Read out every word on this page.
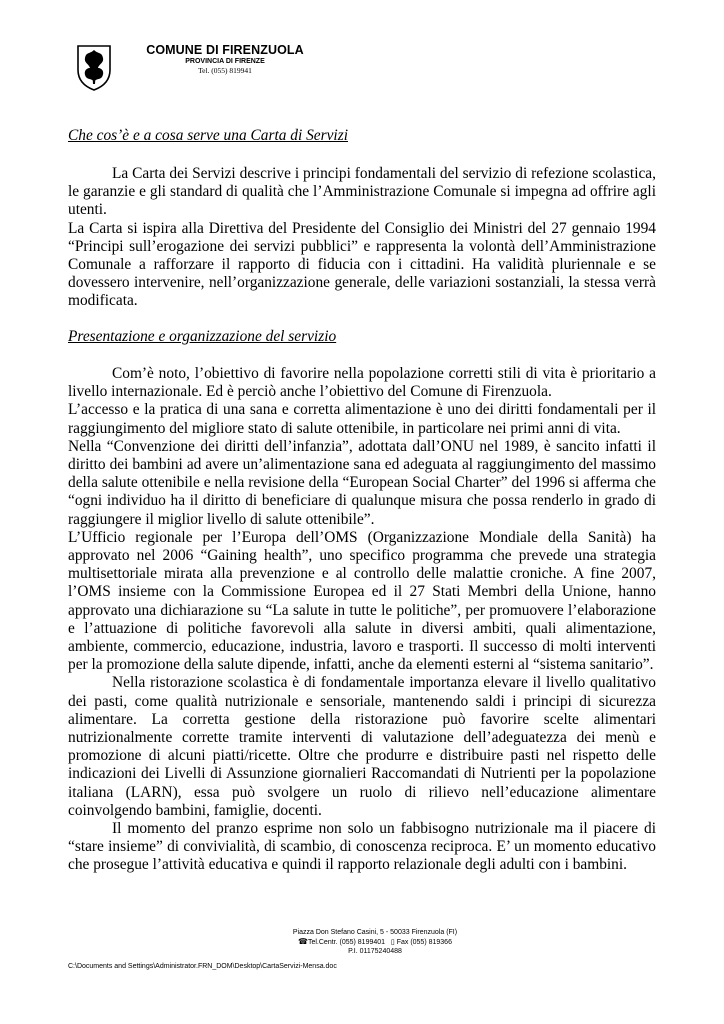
COMUNE DI FIRENZUOLA
PROVINCIA DI FIRENZE
Tel. (055) 819941
Che cos’è e a cosa serve una Carta di Servizi

La Carta dei Servizi descrive i principi fondamentali del servizio di refezione scolastica, le garanzie e gli standard di qualità che l’Amministrazione Comunale si impegna ad offrire agli utenti.

La Carta si ispira alla Direttiva del Presidente del Consiglio dei Ministri del 27 gennaio 1994 “Principi sull’erogazione dei servizi pubblici” e rappresenta la volontà dell’Amministrazione Comunale a rafforzare il rapporto di fiducia con i cittadini. Ha validità pluriennale e se dovessero intervenire, nell’organizzazione generale, delle variazioni sostanziali, la stessa verrà modificata.

Presentazione e organizzazione del servizio

Com’è noto, l’obiettivo di favorire nella popolazione corretti stili di vita è prioritario a livello internazionale. Ed è perciò anche l’obiettivo del Comune di Firenzuola.

L’accesso e la pratica di una sana e corretta alimentazione è uno dei diritti fondamentali per il raggiungimento del migliore stato di salute ottenibile, in particolare nei primi anni di vita.

Nella “Convenzione dei diritti dell’infanzia”, adottata dall’ONU nel 1989, è sancito infatti il diritto dei bambini ad avere un’alimentazione sana ed adeguata al raggiungimento del massimo della salute ottenibile e nella revisione della “European Social Charter” del 1996 si afferma che “ogni individuo ha il diritto di beneficiare di qualunque misura che possa renderlo in grado di raggiungere il miglior livello di salute ottenibile”.

L’Ufficio regionale per l’Europa dell’OMS (Organizzazione Mondiale della Sanità) ha approvato nel 2006 “Gaining health”, uno specifico programma che prevede una strategia multisettoriale mirata alla prevenzione e al controllo delle malattie croniche. A fine 2007, l’OMS insieme con la Commissione Europea ed il 27 Stati Membri della Unione, hanno approvato una dichiarazione su “La salute in tutte le politiche”, per promuovere l’elaborazione e l’attuazione di politiche favorevoli alla salute in diversi ambiti, quali alimentazione, ambiente, commercio, educazione, industria, lavoro e trasporti. Il successo di molti interventi per la promozione della salute dipende, infatti, anche da elementi esterni al “sistema sanitario”.

Nella ristorazione scolastica è di fondamentale importanza elevare il livello qualitativo dei pasti, come qualità nutrizionale e sensoriale, mantenendo saldi i principi di sicurezza alimentare. La corretta gestione della ristorazione può favorire scelte alimentari nutrizionalmente corrette tramite interventi di valutazione dell’adeguatezza dei menù e promozione di alcuni piatti/ricette. Oltre che produrre e distribuire pasti nel rispetto delle indicazioni dei Livelli di Assunzione giornalieri Raccomandati di Nutrienti per la popolazione italiana (LARN), essa può svolgere un ruolo di rilievo nell’educazione alimentare coinvolgendo bambini, famiglie, docenti.

Il momento del pranzo esprime non solo un fabbisogno nutrizionale ma il piacere di “stare insieme” di convivialità, di scambio, di conoscenza reciproca. E’ un momento educativo che prosegue l’attività educativa e quindi il rapporto relazionale degli adulti con i bambini.

Piazza Don Stefano Casini, 5 - 50033 Firenzuola (FI)
☎Tel.Centr. (055) 8199401 ▯ Fax (055) 819366
P.I. 01175240488
C:\Documents and Settings\Administrator.FRN_DOM\Desktop\CartaServizi-Mensa.doc
